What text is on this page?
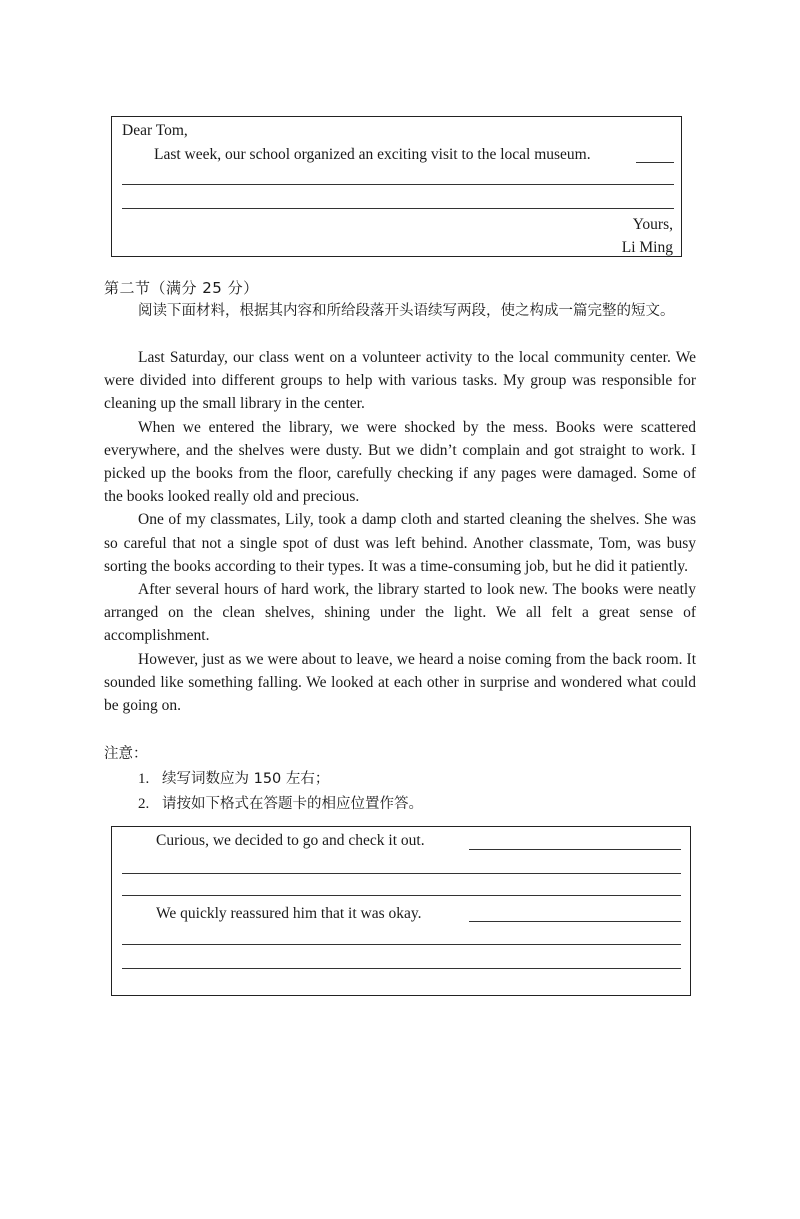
Dear Tom,
Last week, our school organized an exciting visit to the local museum.
Yours,
Li Ming
第二节（满分 25 分）
阅读下面材料，根据其内容和所给段落开头语续写两段，使之构成一篇完整的短文。

Last Saturday, our class went on a volunteer activity to the local community center. We were divided into different groups to help with various tasks. My group was responsible for cleaning up the small library in the center.

When we entered the library, we were shocked by the mess. Books were scattered everywhere, and the shelves were dusty. But we didn’t complain and got straight to work. I picked up the books from the floor, carefully checking if any pages were damaged. Some of the books looked really old and precious.

One of my classmates, Lily, took a damp cloth and started cleaning the shelves. She was so careful that not a single spot of dust was left behind. Another classmate, Tom, was busy sorting the books according to their types. It was a time-consuming job, but he did it patiently.

After several hours of hard work, the library started to look new. The books were neatly arranged on the clean shelves, shining under the light. We all felt a great sense of accomplishment.

However, just as we were about to leave, we heard a noise coming from the back room. It sounded like something falling. We looked at each other in surprise and wondered what could be going on.

注意：
1. 续写词数应为 150 左右；
2. 请按如下格式在答题卡的相应位置作答。
Curious, we decided to go and check it out.
We quickly reassured him that it was okay.
